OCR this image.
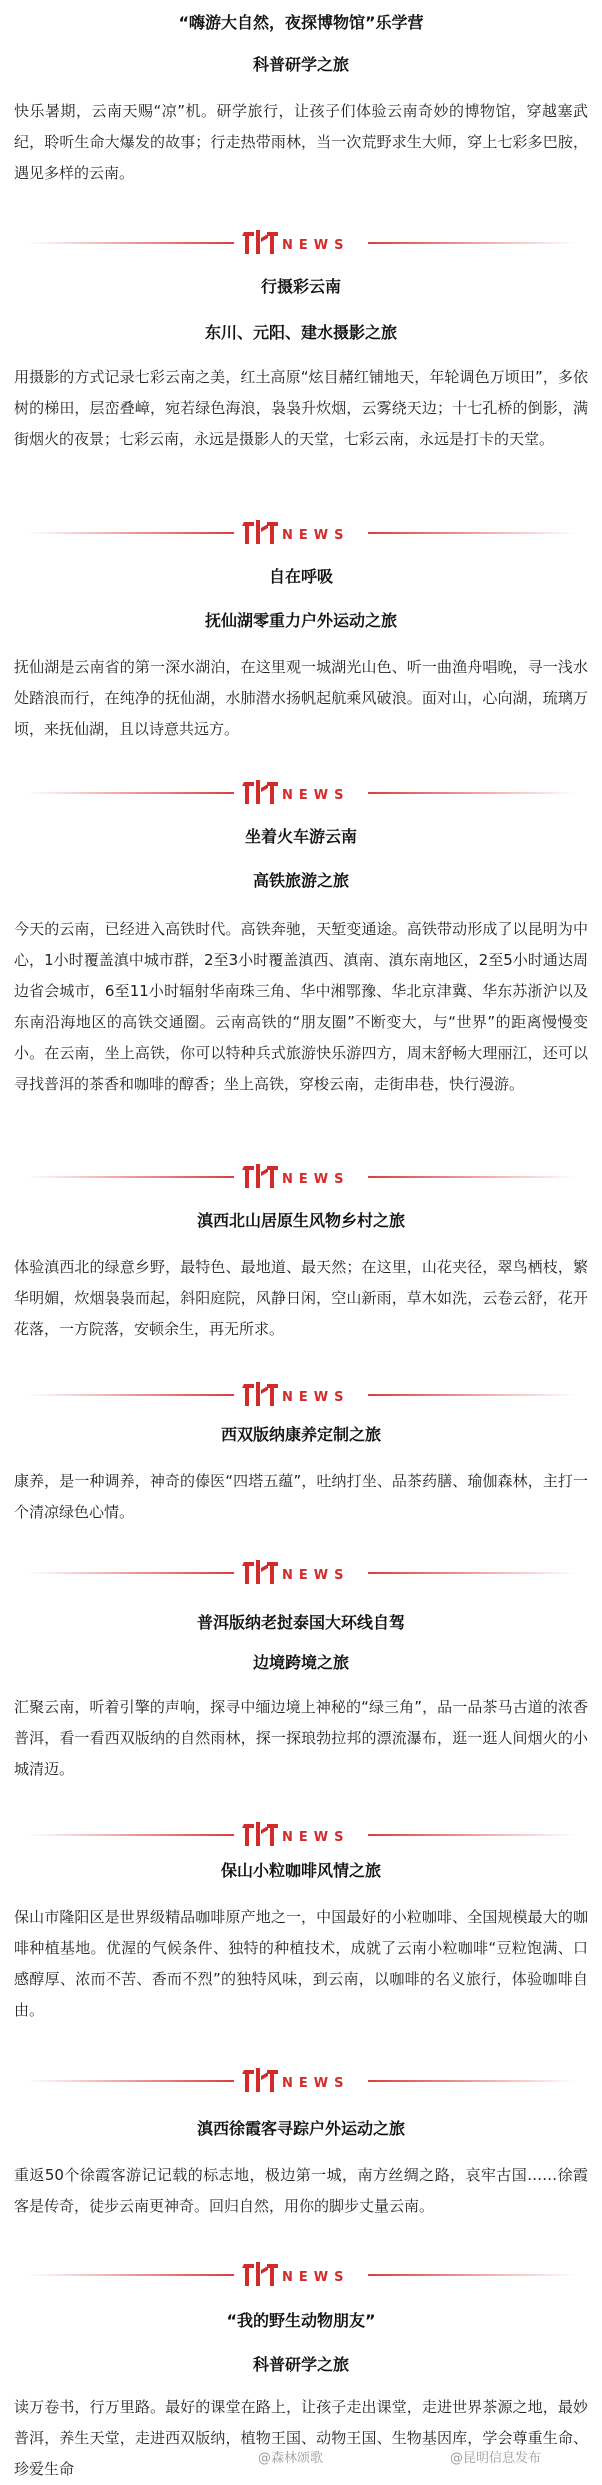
“嗨游大自然，夜探博物馆”乐学营

科普研学之旅

快乐暑期，云南天赐“凉”机。研学旅行，让孩子们体验云南奇妙的博物馆，穿越塞武纪，聆听生命大爆发的故事；行走热带雨林，当一次荒野求生大师，穿上七彩多巴胺，遇见多样的云南。

NEWS

行摄彩云南

东川、元阳、建水摄影之旅

用摄影的方式记录七彩云南之美，红土高原“炫目赭红铺地天，年轮调色万顷田”，多依树的梯田，层峦叠嶂，宛若绿色海浪，袅袅升炊烟，云雾绕天边；十七孔桥的倒影，满街烟火的夜景；七彩云南，永远是摄影人的天堂，七彩云南，永远是打卡的天堂。

NEWS

自在呼吸

抚仙湖零重力户外运动之旅

抚仙湖是云南省的第一深水湖泊，在这里观一城湖光山色、听一曲渔舟唱晚，寻一浅水处踏浪而行，在纯净的抚仙湖，水肺潜水扬帆起航乘风破浪。面对山，心向湖，琉璃万顷，来抚仙湖，且以诗意共远方。

NEWS

坐着火车游云南

高铁旅游之旅

今天的云南，已经进入高铁时代。高铁奔驰，天堑变通途。高铁带动形成了以昆明为中心，1小时覆盖滇中城市群，2至3小时覆盖滇西、滇南、滇东南地区，2至5小时通达周边省会城市，6至11小时辐射华南珠三角、华中湘鄂豫、华北京津冀、华东苏浙沪以及东南沿海地区的高铁交通圈。云南高铁的“朋友圈”不断变大，与“世界”的距离慢慢变小。在云南，坐上高铁，你可以特种兵式旅游快乐游四方，周末舒畅大理丽江，还可以寻找普洱的茶香和咖啡的醇香；坐上高铁，穿梭云南，走街串巷，快行漫游。

NEWS

滇西北山居原生风物乡村之旅

体验滇西北的绿意乡野，最特色、最地道、最天然；在这里，山花夹径，翠鸟栖枝，繁华明媚，炊烟袅袅而起，斜阳庭院，风静日闲，空山新雨，草木如洗，云卷云舒，花开花落，一方院落，安顿余生，再无所求。

NEWS

西双版纳康养定制之旅

康养，是一种调养，神奇的傣医“四塔五蕴”，吐纳打坐、品茶药膳、瑜伽森林，主打一个清凉绿色心情。

NEWS

普洱版纳老挝泰国大环线自驾

边境跨境之旅

汇聚云南，听着引擎的声响，探寻中缅边境上神秘的“绿三角”，品一品茶马古道的浓香普洱，看一看西双版纳的自然雨林，探一探琅勃拉邦的漂流瀑布，逛一逛人间烟火的小城清迈。

NEWS

保山小粒咖啡风情之旅

保山市隆阳区是世界级精品咖啡原产地之一，中国最好的小粒咖啡、全国规模最大的咖啡种植基地。优渥的气候条件、独特的种植技术，成就了云南小粒咖啡“豆粒饱满、口感醇厚、浓而不苦、香而不烈”的独特风味，到云南，以咖啡的名义旅行，体验咖啡自由。

NEWS

滇西徐霞客寻踪户外运动之旅

重返50个徐霞客游记记载的标志地，极边第一城，南方丝绸之路，哀牢古国……徐霞客是传奇，徒步云南更神奇。回归自然，用你的脚步丈量云南。

NEWS

“我的野生动物朋友”

科普研学之旅

读万卷书，行万里路。最好的课堂在路上，让孩子走出课堂，走进世界茶源之地，最妙普洱，养生天堂，走进西双版纳，植物王国、动物王国、生物基因库，学会尊重生命、珍爱生命

@森林颂歌	@昆明信息发布
